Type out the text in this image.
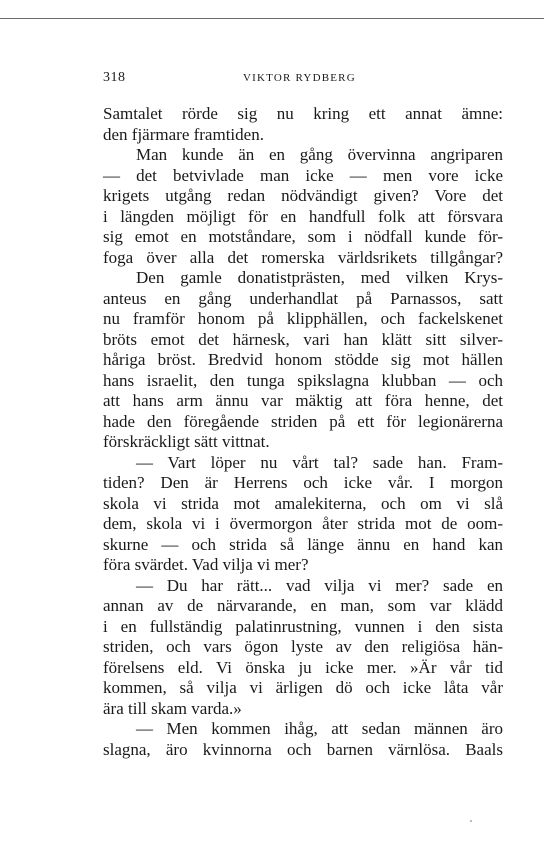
318	VIKTOR RYDBERG
Samtalet rörde sig nu kring ett annat ämne:
den fjärmare framtiden.
Man kunde än en gång övervinna angriparen
— det betvivlade man icke — men vore icke
krigets utgång redan nödvändigt given? Vore det
i längden möjligt för en handfull folk att försvara
sig emot en motståndare, som i nödfall kunde för-
foga över alla det romerska världsrikets tillgångar?
Den gamle donatistprästen, med vilken Krys-
anteus en gång underhandlat på Parnassos, satt
nu framför honom på klipphällen, och fackelskenet
bröts emot det härnesk, vari han klätt sitt silver-
håriga bröst. Bredvid honom stödde sig mot hällen
hans israelit, den tunga spikslagna klubban — och
att hans arm ännu var mäktig att föra henne, det
hade den föregående striden på ett för legionärerna
förskräckligt sätt vittnat.
— Vart löper nu vårt tal? sade han. Fram-
tiden? Den är Herrens och icke vår. I morgon
skola vi strida mot amalekiterna, och om vi slå
dem, skola vi i övermorgon åter strida mot de oom-
skurne — och strida så länge ännu en hand kan
föra svärdet. Vad vilja vi mer?
— Du har rätt... vad vilja vi mer? sade en
annan av de närvarande, en man, som var klädd
i en fullständig palatinrustning, vunnen i den sista
striden, och vars ögon lyste av den religiösa hän-
förelsens eld. Vi önska ju icke mer. »Är vår tid
kommen, så vilja vi ärligen dö och icke låta vår
ära till skam varda.»
— Men kommen ihåg, att sedan männen äro
slagna, äro kvinnorna och barnen värnlösa. Baals
